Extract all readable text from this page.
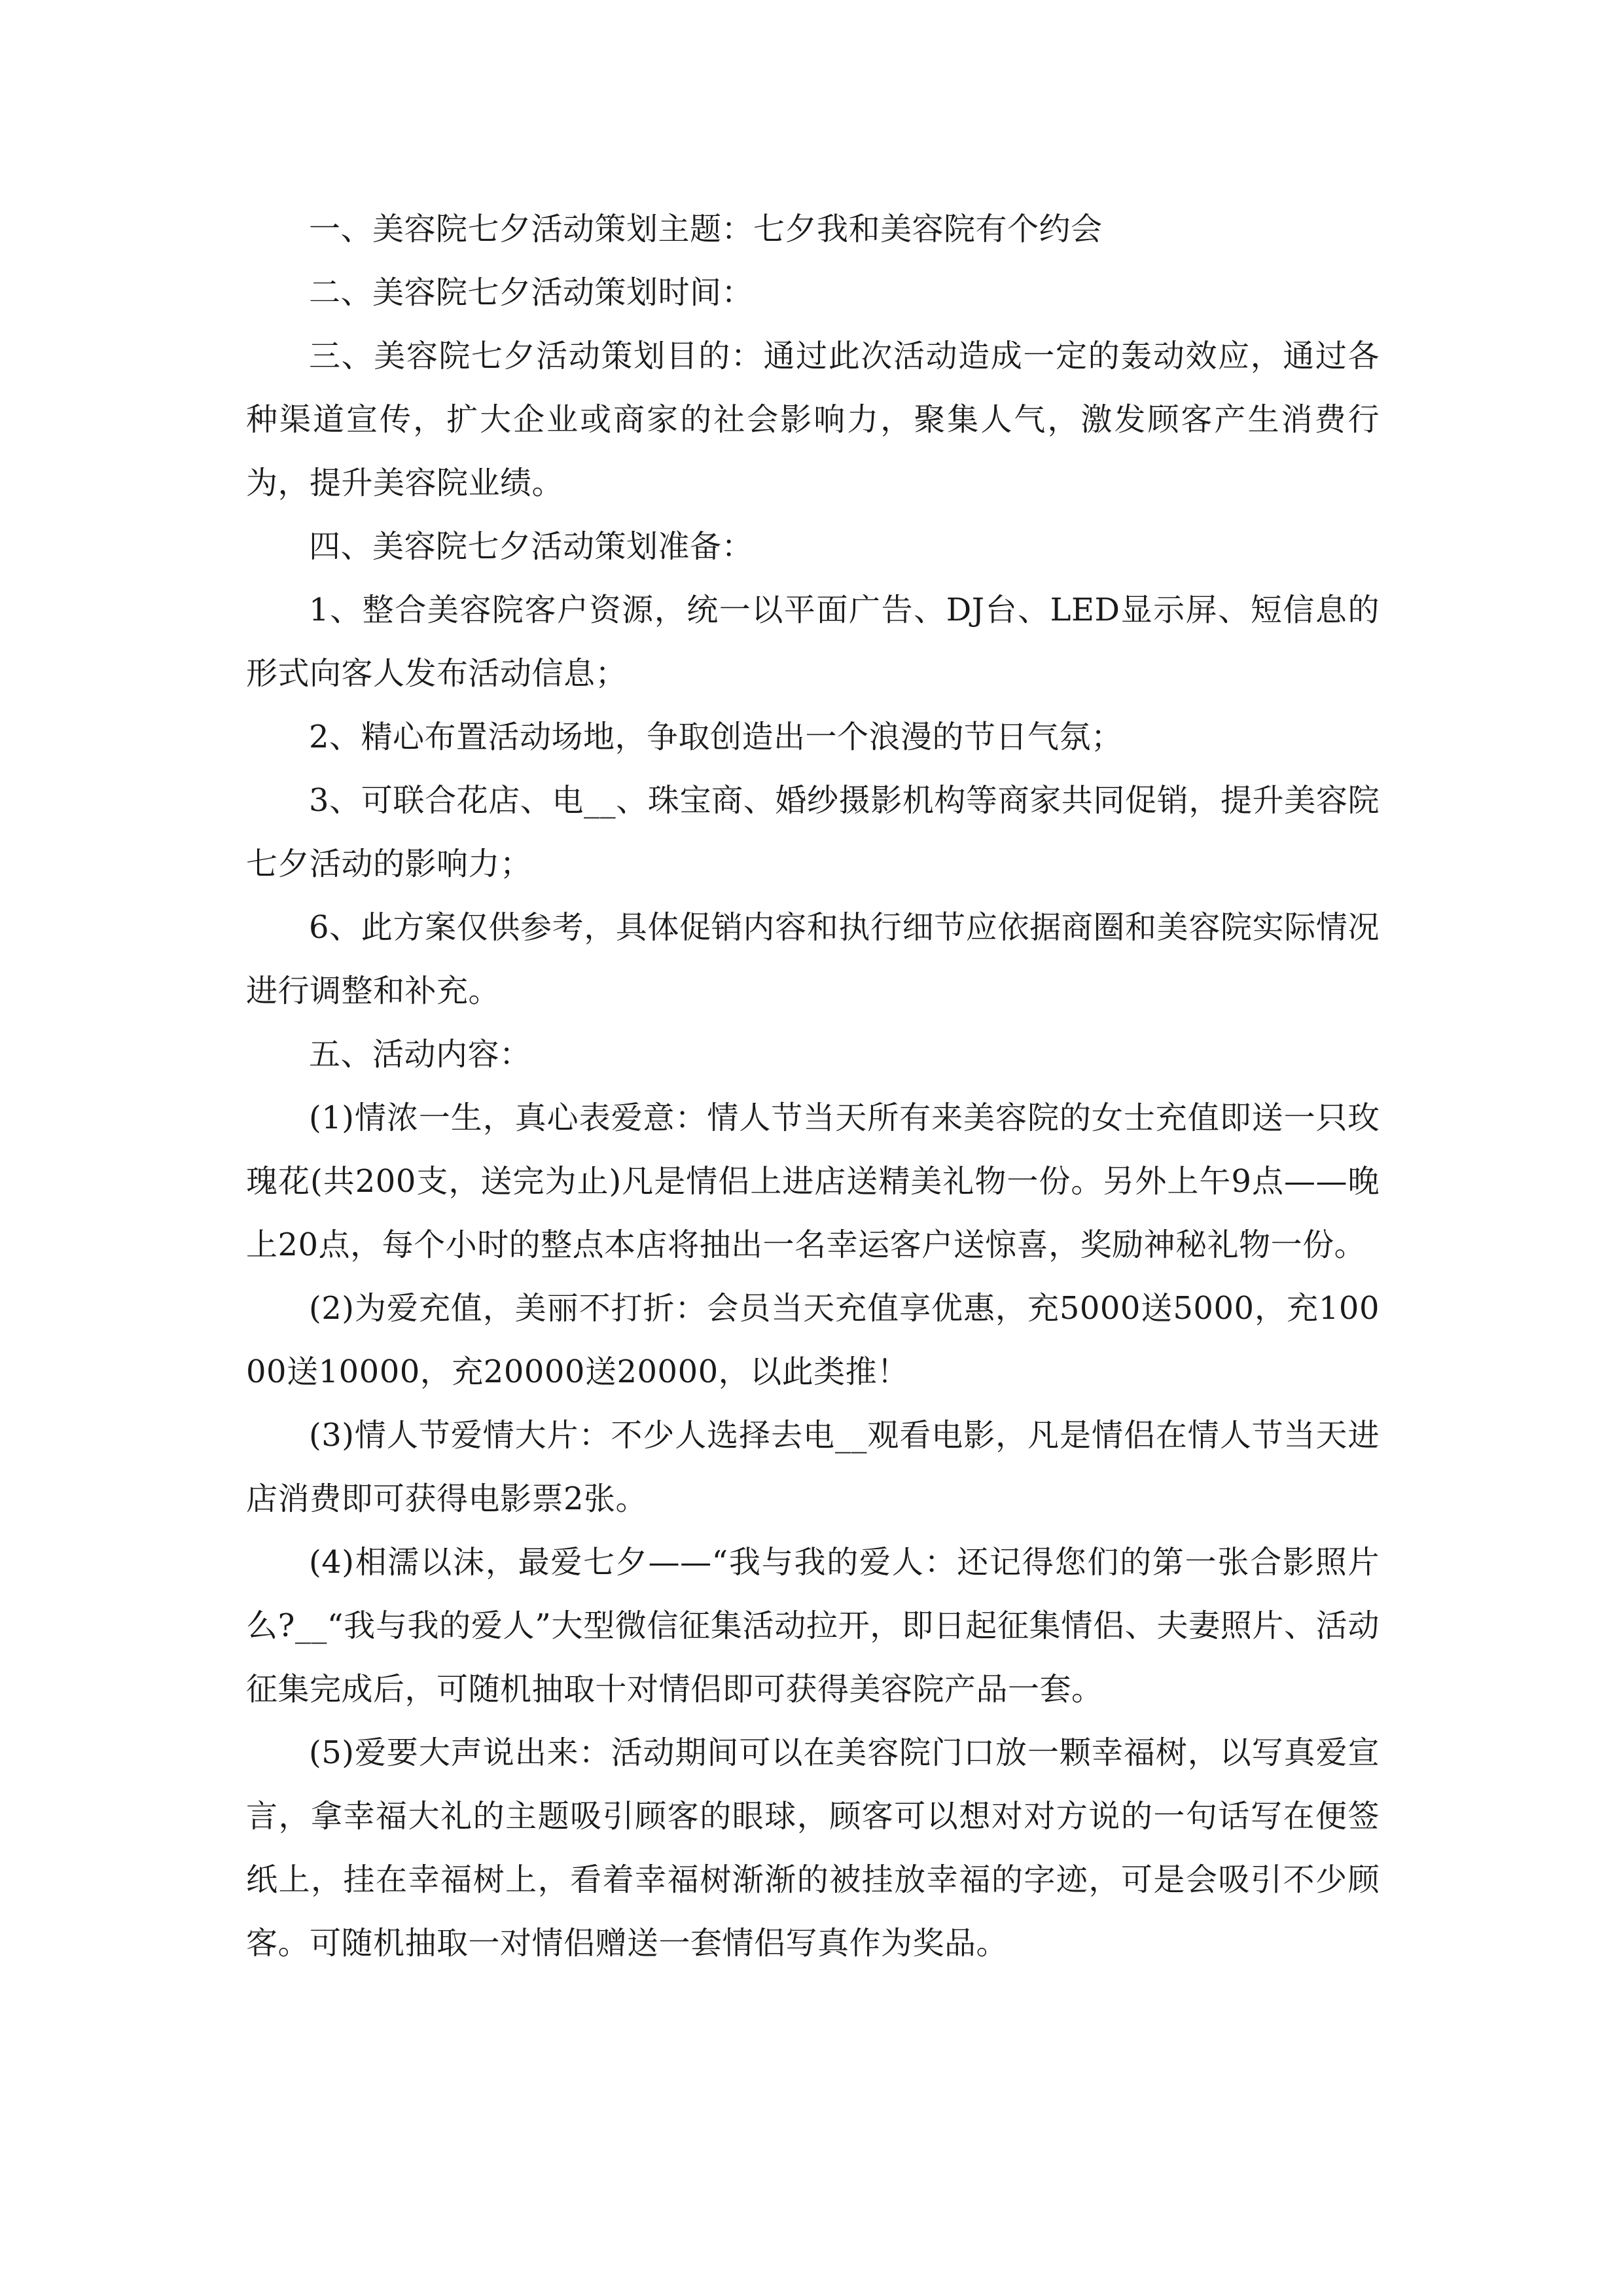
一、美容院七夕活动策划主题：七夕我和美容院有个约会

二、美容院七夕活动策划时间：

三、美容院七夕活动策划目的：通过此次活动造成一定的轰动效应，通过各种渠道宣传，扩大企业或商家的社会影响力，聚集人气，激发顾客产生消费行为，提升美容院业绩。

四、美容院七夕活动策划准备：

1、整合美容院客户资源，统一以平面广告、DJ台、LED显示屏、短信息的形式向客人发布活动信息；

2、精心布置活动场地，争取创造出一个浪漫的节日气氛；

3、可联合花店、电__、珠宝商、婚纱摄影机构等商家共同促销，提升美容院七夕活动的影响力；

6、此方案仅供参考，具体促销内容和执行细节应依据商圈和美容院实际情况进行调整和补充。

五、活动内容：

(1)情浓一生，真心表爱意：情人节当天所有来美容院的女士充值即送一只玫瑰花(共200支，送完为止)凡是情侣上进店送精美礼物一份。另外上午9点——晚上20点，每个小时的整点本店将抽出一名幸运客户送惊喜，奖励神秘礼物一份。

(2)为爱充值，美丽不打折：会员当天充值享优惠，充5000送5000，充10000送10000，充20000送20000，以此类推！

(3)情人节爱情大片：不少人选择去电__观看电影，凡是情侣在情人节当天进店消费即可获得电影票2张。

(4)相濡以沫，最爱七夕——“我与我的爱人：还记得您们的第一张合影照片么?__“我与我的爱人”大型微信征集活动拉开，即日起征集情侣、夫妻照片、活动征集完成后，可随机抽取十对情侣即可获得美容院产品一套。

(5)爱要大声说出来：活动期间可以在美容院门口放一颗幸福树，以写真爱宣言，拿幸福大礼的主题吸引顾客的眼球，顾客可以想对对方说的一句话写在便签纸上，挂在幸福树上，看着幸福树渐渐的被挂放幸福的字迹，可是会吸引不少顾客。可随机抽取一对情侣赠送一套情侣写真作为奖品。
